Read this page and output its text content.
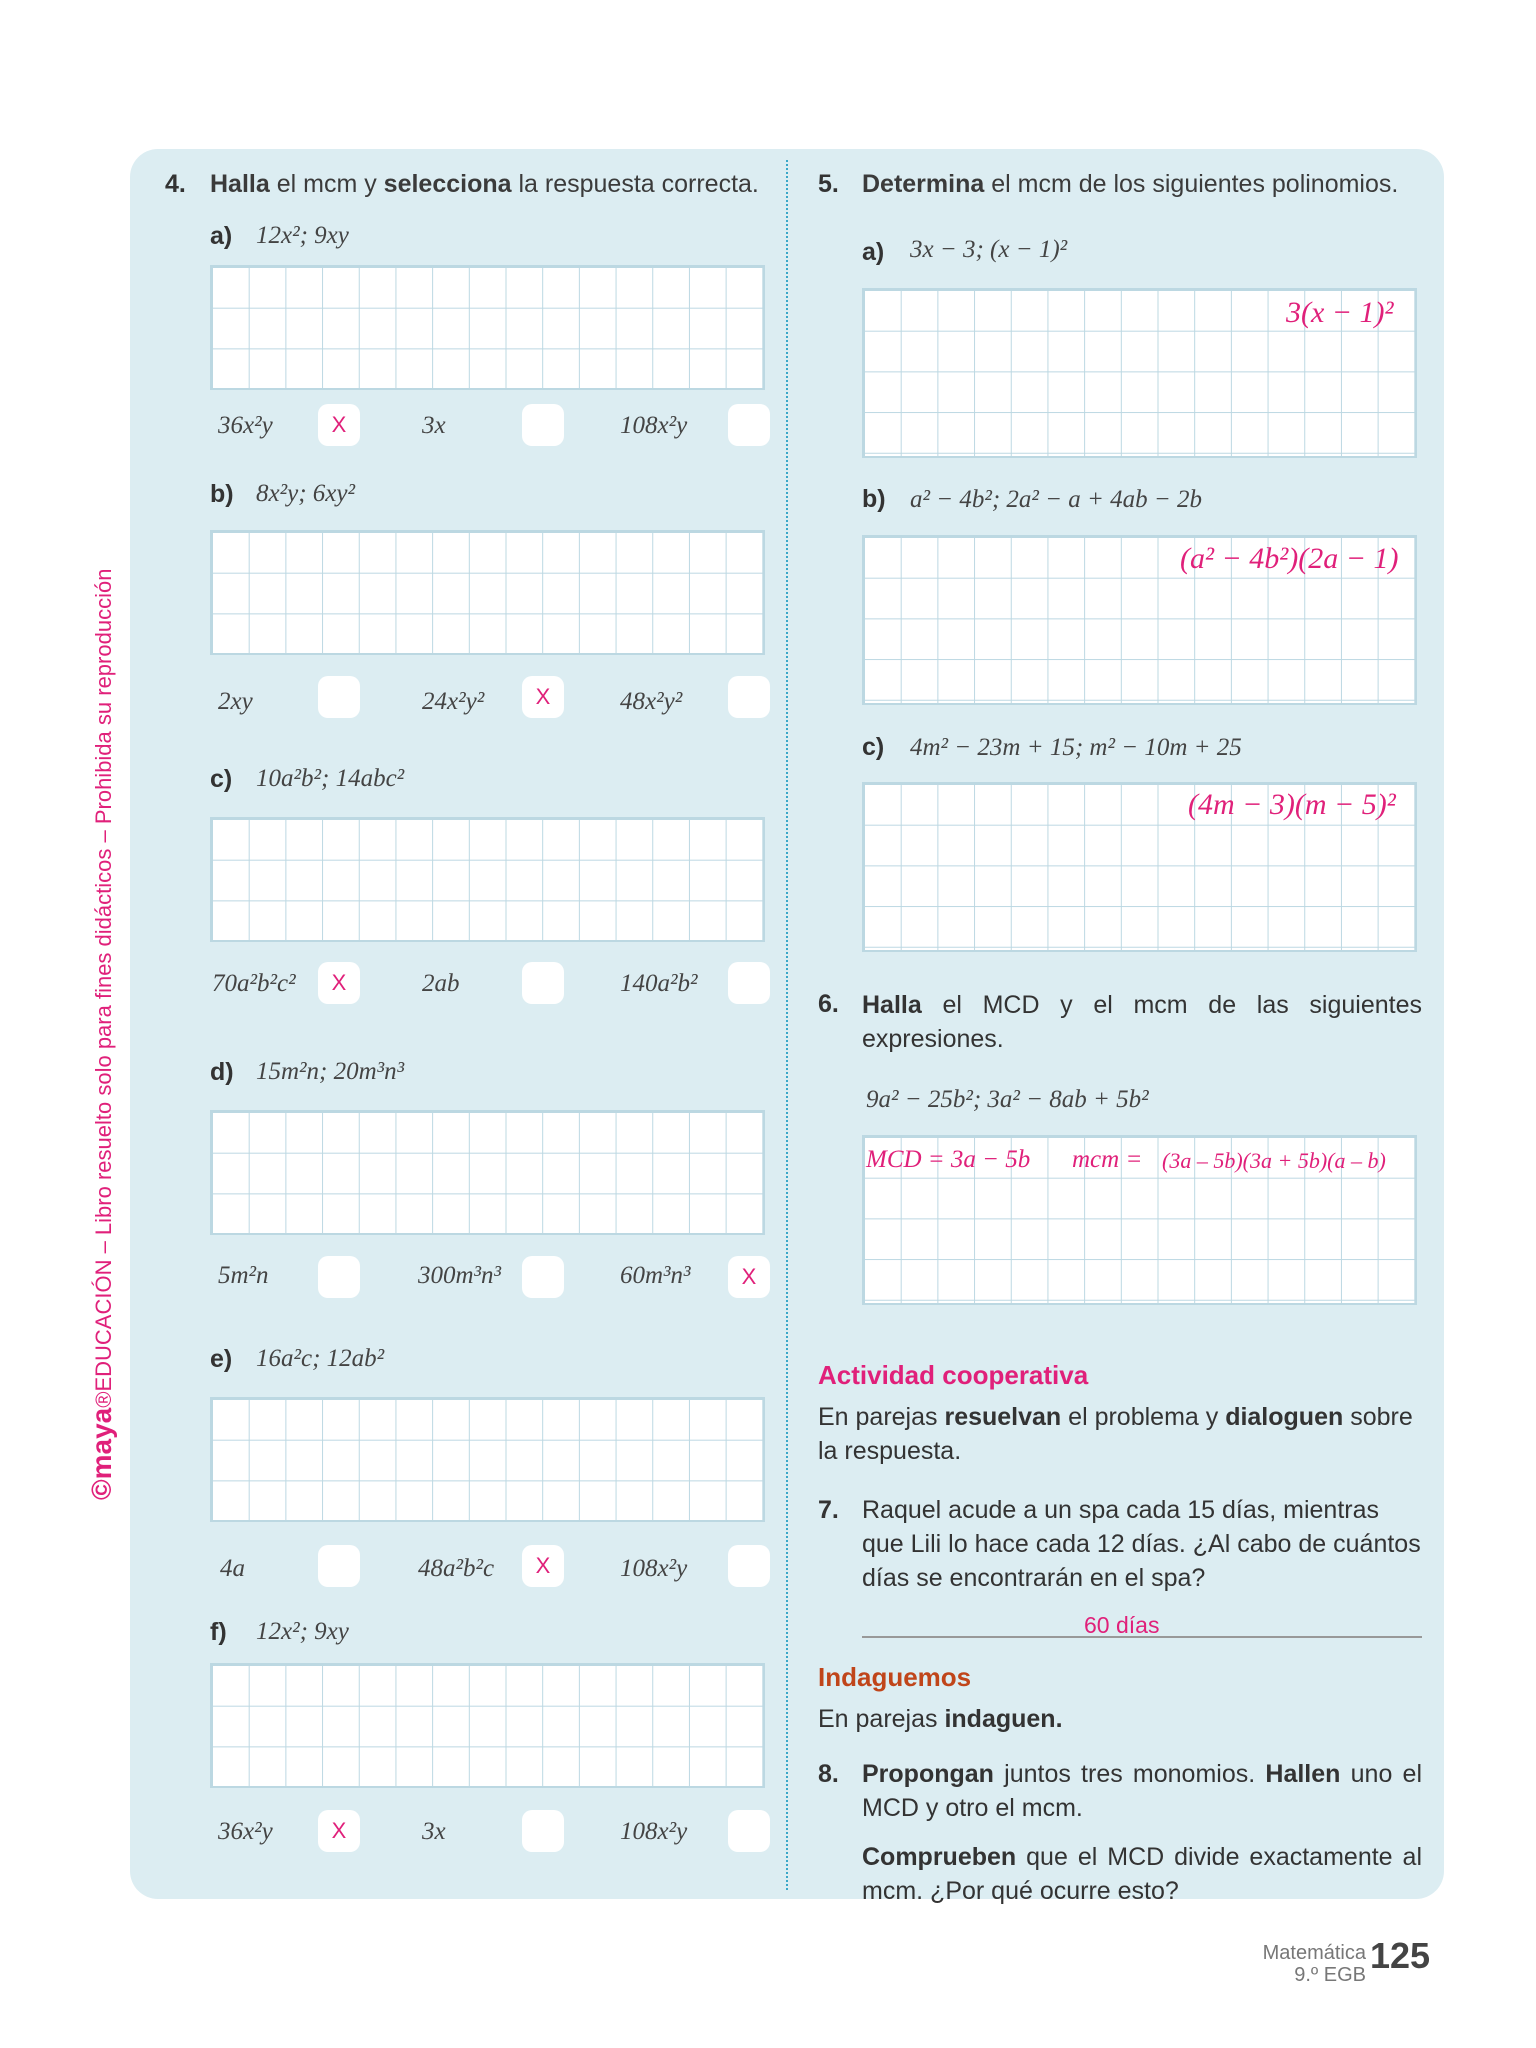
©maya®EDUCACIÓN – Libro resuelto solo para fines didácticos – Prohibida su reproducción
4. Halla el mcm y selecciona la respuesta correcta.
a) 12x²; 9xy
36x²y	X	3x	108x²y
b) 8x²y; 6xy²
2xy	24x²y²	X	48x²y²
c) 10a²b²; 14abc²
70a²b²c²	X	2ab	140a²b²
d) 15m²n; 20m³n³
5m²n	300m³n³	60m³n³	X
e) 16a²c; 12ab²
4a	48a²b²c	X	108x²y
f) 12x²; 9xy
36x²y	X	3x	108x²y
5. Determina el mcm de los siguientes polinomios.
a) 3x − 3; (x − 1)²
3(x − 1)²
b) a² − 4b²; 2a² − a + 4ab − 2b
(a² − 4b²)(2a − 1)
c) 4m² − 23m + 15; m² − 10m + 25
(4m − 3)(m − 5)²
6. Halla el MCD y el mcm de las siguientes expresiones.
9a² − 25b²; 3a² − 8ab + 5b²
MCD = 3a − 5b mcm = (3a – 5b)(3a + 5b)(a – b)
Actividad cooperativa
En parejas resuelvan el problema y dialoguen sobre la respuesta.
7. Raquel acude a un spa cada 15 días, mientras que Lili lo hace cada 12 días. ¿Al cabo de cuántos días se encontrarán en el spa?
60 días
Indaguemos
En parejas indaguen.
8. Propongan juntos tres monomios. Hallen uno el MCD y otro el mcm.
Comprueben que el MCD divide exactamente al mcm. ¿Por qué ocurre esto?
Matemática
9.º EGB 125
